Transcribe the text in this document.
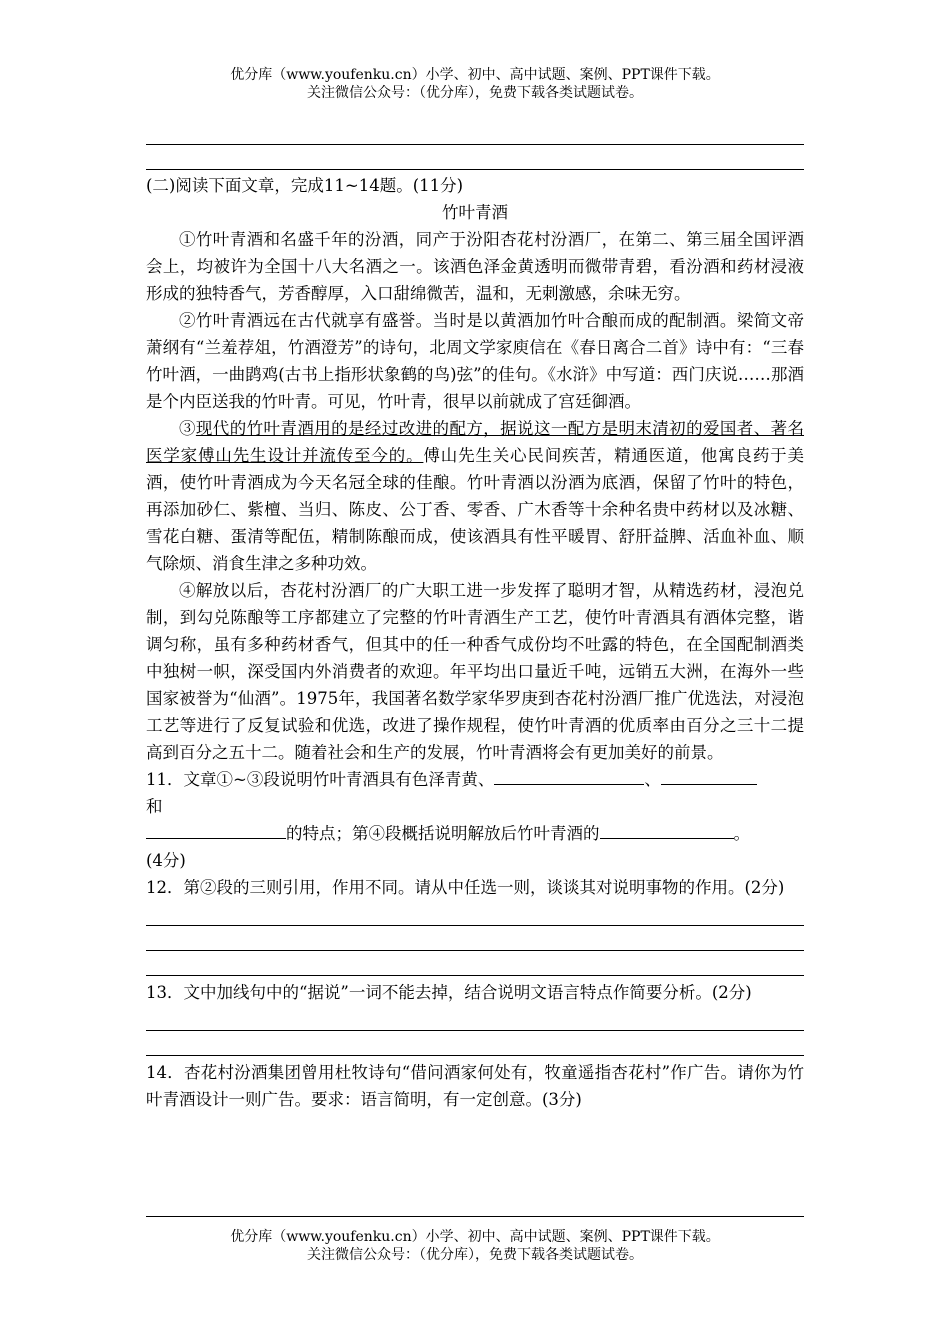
优分库（www.youfenku.cn）小学、初中、高中试题、案例、PPT课件下载。
关注微信公众号：（优分库），免费下载各类试题试卷。

(二)阅读下面文章，完成11~14题。(11分)

竹叶青酒

①竹叶青酒和名盛千年的汾酒，同产于汾阳杏花村汾酒厂，在第二、第三届全国评酒会上，均被许为全国十八大名酒之一。该酒色泽金黄透明而微带青碧，看汾酒和药材浸液形成的独特香气，芳香醇厚，入口甜绵微苦，温和，无刺激感，余味无穷。

②竹叶青酒远在古代就享有盛誉。当时是以黄酒加竹叶合酿而成的配制酒。梁简文帝萧纲有“兰羞荐俎，竹酒澄芳”的诗句，北周文学家庾信在《春日离合二首》诗中有：“三春竹叶酒，一曲鹍鸡(古书上指形状象鹤的鸟)弦”的佳句。《水浒》中写道：西门庆说……那酒是个内臣送我的竹叶青。可见，竹叶青，很早以前就成了宫廷御酒。

③现代的竹叶青酒用的是经过改进的配方，据说这一配方是明末清初的爱国者、著名医学家傅山先生设计并流传至今的。傅山先生关心民间疾苦，精通医道，他寓良药于美酒，使竹叶青酒成为今天名冠全球的佳酿。竹叶青酒以汾酒为底酒，保留了竹叶的特色，再添加砂仁、紫檀、当归、陈皮、公丁香、零香、广木香等十余种名贵中药材以及冰糖、雪花白糖、蛋清等配伍，精制陈酿而成，使该酒具有性平暖胃、舒肝益脾、活血补血、顺气除烦、消食生津之多种功效。

④解放以后，杏花村汾酒厂的广大职工进一步发挥了聪明才智，从精选药材，浸泡兑制，到勾兑陈酿等工序都建立了完整的竹叶青酒生产工艺，使竹叶青酒具有酒体完整，谐调匀称，虽有多种药材香气，但其中的任一种香气成份均不吐露的特色，在全国配制酒类中独树一帜，深受国内外消费者的欢迎。年平均出口量近千吨，远销五大洲，在海外一些国家被誉为“仙酒”。1975年，我国著名数学家华罗庚到杏花村汾酒厂推广优选法，对浸泡工艺等进行了反复试验和优选，改进了操作规程，使竹叶青酒的优质率由百分之三十二提高到百分之五十二。随着社会和生产的发展，竹叶青酒将会有更加美好的前景。

11．文章①~③段说明竹叶青酒具有色泽青黄、	、
和
的特点；第④段概括说明解放后竹叶青酒的	。
(4分)

12．第②段的三则引用，作用不同。请从中任选一则，谈谈其对说明事物的作用。(2分)

13．文中加线句中的“据说”一词不能去掉，结合说明文语言特点作简要分析。(2分)

14．杏花村汾酒集团曾用杜牧诗句“借问酒家何处有，牧童遥指杏花村”作广告。请你为竹叶青酒设计一则广告。要求：语言简明，有一定创意。(3分)

优分库（www.youfenku.cn）小学、初中、高中试题、案例、PPT课件下载。
关注微信公众号：（优分库），免费下载各类试题试卷。
